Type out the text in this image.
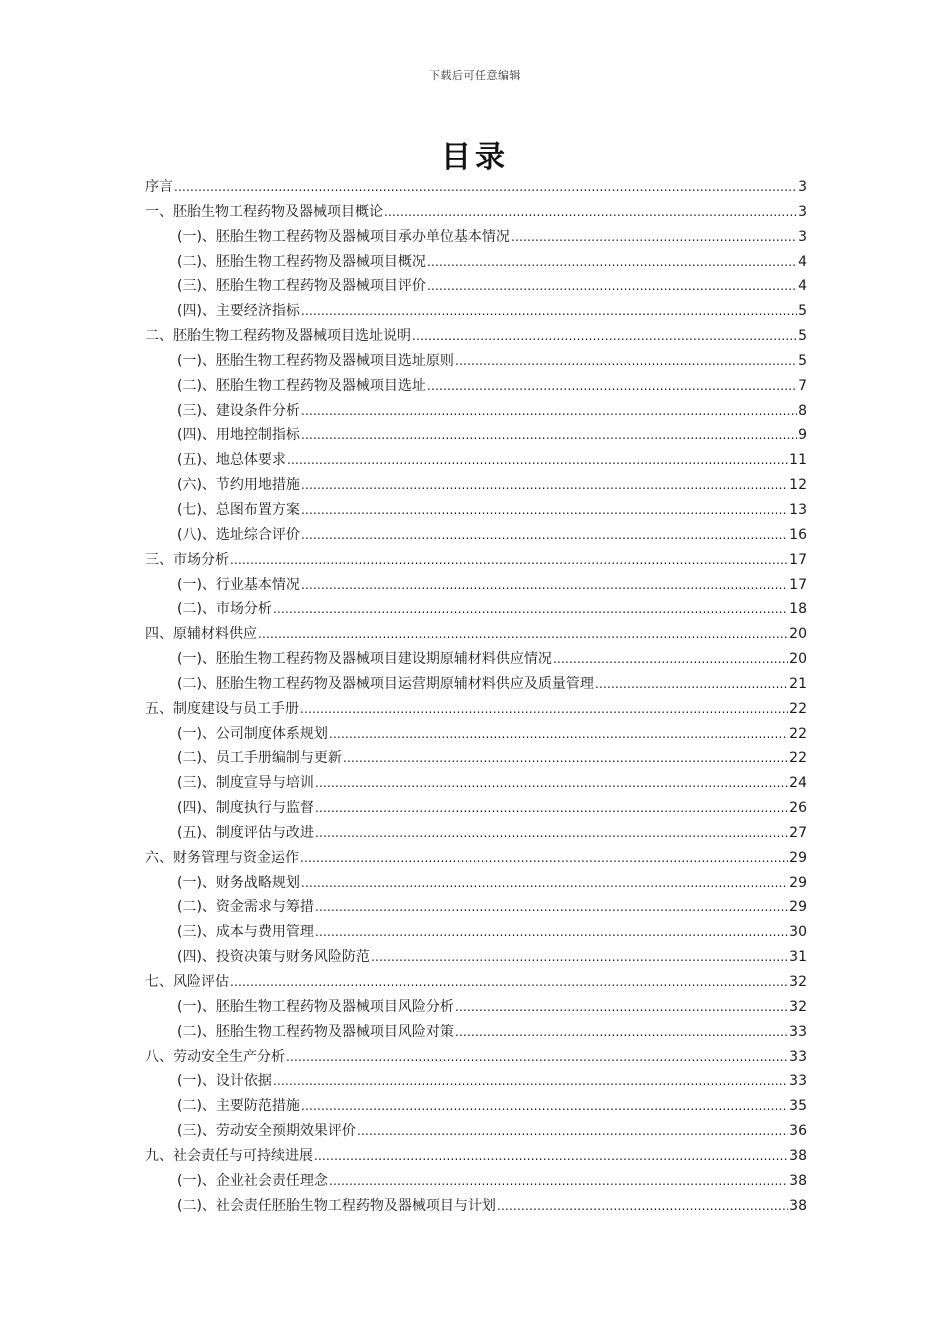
下载后可任意编辑
目录
序言 .....	3
一、胚胎生物工程药物及器械项目概论 .....	3
(一)、胚胎生物工程药物及器械项目承办单位基本情况 .....	3
(二)、胚胎生物工程药物及器械项目概况 .....	4
(三)、胚胎生物工程药物及器械项目评价 .....	4
(四)、主要经济指标 .....	5
二、胚胎生物工程药物及器械项目选址说明 .....	5
(一)、胚胎生物工程药物及器械项目选址原则 .....	5
(二)、胚胎生物工程药物及器械项目选址 .....	7
(三)、建设条件分析 .....	8
(四)、用地控制指标 .....	9
(五)、地总体要求 .....	11
(六)、节约用地措施 .....	12
(七)、总图布置方案 .....	13
(八)、选址综合评价 .....	16
三、市场分析 .....	17
(一)、行业基本情况 .....	17
(二)、市场分析 .....	18
四、原辅材料供应 .....	20
(一)、胚胎生物工程药物及器械项目建设期原辅材料供应情况 .....	20
(二)、胚胎生物工程药物及器械项目运营期原辅材料供应及质量管理 .....	21
五、制度建设与员工手册 .....	22
(一)、公司制度体系规划 .....	22
(二)、员工手册编制与更新 .....	22
(三)、制度宣导与培训 .....	24
(四)、制度执行与监督 .....	26
(五)、制度评估与改进 .....	27
六、财务管理与资金运作 .....	29
(一)、财务战略规划 .....	29
(二)、资金需求与筹措 .....	29
(三)、成本与费用管理 .....	30
(四)、投资决策与财务风险防范 .....	31
七、风险评估 .....	32
(一)、胚胎生物工程药物及器械项目风险分析 .....	32
(二)、胚胎生物工程药物及器械项目风险对策 .....	33
八、劳动安全生产分析 .....	33
(一)、设计依据 .....	33
(二)、主要防范措施 .....	35
(三)、劳动安全预期效果评价 .....	36
九、社会责任与可持续进展 .....	38
(一)、企业社会责任理念 .....	38
(二)、社会责任胚胎生物工程药物及器械项目与计划 .....	38
